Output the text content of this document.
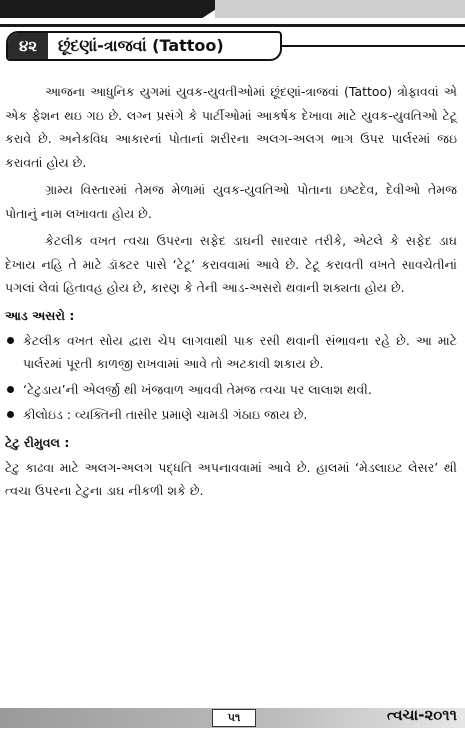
૪૨	છૂંદણાં-ત્રાજવાં (Tattoo)

આજના આધુનિક યુગમાં યુવક-યુવતીઓમાં છૂંદણાં-ત્રાજવાં (Tattoo) ત્રોફાવવાં એ એક ફેશન થઇ ગઇ છે. લગ્ન પ્રસંગે કે પાર્ટીઓમાં આકર્ષક દેખાવા માટે યુવક-યુવતિઓ ટેટૂ કરાવે છે. અનેકવિધ આકારનાં પોતાનાં શરીરના અલગ-અલગ ભાગ ઉપર પાર્લરમાં જઇ કરાવતાં હોય છે.

ગ્રામ્ય વિસ્તારમાં તેમજ મેળામાં યુવક-યુવતિઓ પોતાના ઇષ્ટદેવ, દેવીઓ તેમજ પોતાનું નામ લખાવતા હોય છે.

કેટલીક વખત ત્વચા ઉપરના સફેદ ડાઘની સારવાર તરીકે, એટલે કે સફેદ ડાઘ દેખાય નહિ તે માટે ડૉક્ટર પાસે ‘ટેટૂ’ કરાવવામાં આવે છે. ટેટૂ કરાવતી વખતે સાવચેતીનાં પગલાં લેવાં હિતાવહ હોય છે, કારણ કે તેની આડ-અસરો થવાની શક્યતા હોય છે.

આડ અસરો :
કેટલીક વખત સોય દ્વારા ચેપ લાગવાથી પાક રસી થવાની સંભાવના રહે છે. આ માટે પાર્લરમાં પૂરતી કાળજી રાખવામાં આવે તો અટકાવી શકાય છે.
‘ટેટુડાય’ની એલર્જી થી ખંજવાળ આવવી તેમજ ત્વચા પર લાલાશ થવી.
કીલોઇડ : વ્યક્તિની તાસીર પ્રમાણે ચામડી ગંઠાઇ જાય છે.
ટેટુ રીમુવલ :

ટેટુ કાઢવા માટે અલગ-અલગ પદ્ધતિ અપનાવવામાં આવે છે. હાલમાં ‘મેડલાઇટ લેસર’ થી ત્વચા ઉપરના ટેટુના ડાઘ નીકળી શકે છે.

૫૧	ત્વચા-૨૦૧૧
